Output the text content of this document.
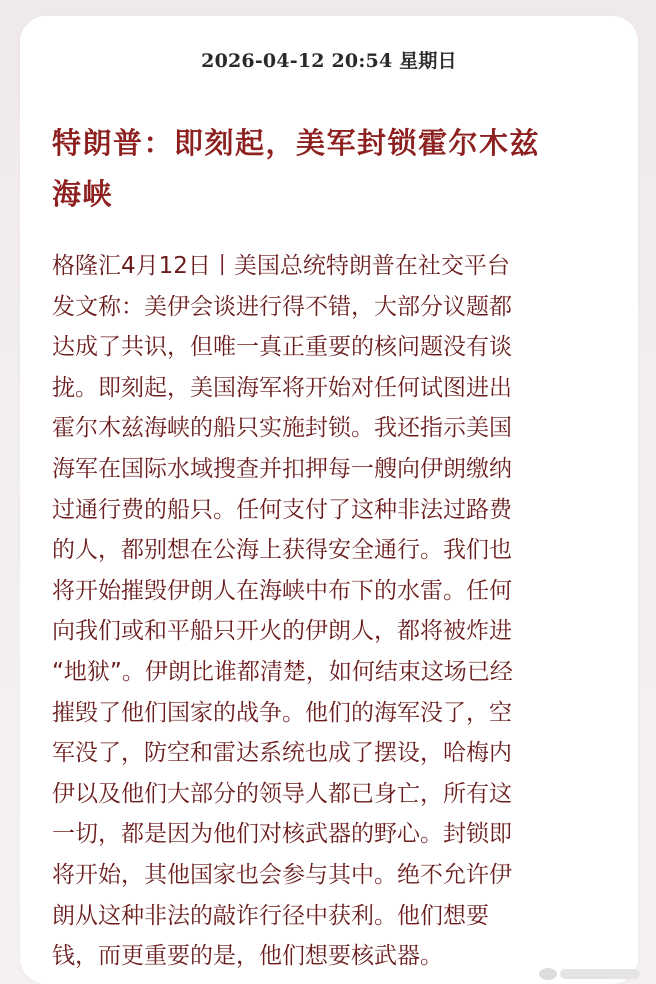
2026-04-12 20:54 星期日
特朗普：即刻起，美军封锁霍尔木兹
海峡
格隆汇4月12日丨美国总统特朗普在社交平台
发文称：美伊会谈进行得不错，大部分议题都
达成了共识，但唯一真正重要的核问题没有谈
拢。即刻起，美国海军将开始对任何试图进出
霍尔木兹海峡的船只实施封锁。我还指示美国
海军在国际水域搜查并扣押每一艘向伊朗缴纳
过通行费的船只。任何支付了这种非法过路费
的人，都别想在公海上获得安全通行。我们也
将开始摧毁伊朗人在海峡中布下的水雷。任何
向我们或和平船只开火的伊朗人，都将被炸进
“地狱”。伊朗比谁都清楚，如何结束这场已经
摧毁了他们国家的战争。他们的海军没了，空
军没了，防空和雷达系统也成了摆设，哈梅内
伊以及他们大部分的领导人都已身亡，所有这
一切，都是因为他们对核武器的野心。封锁即
将开始，其他国家也会参与其中。绝不允许伊
朗从这种非法的敲诈行径中获利。他们想要
钱，而更重要的是，他们想要核武器。
